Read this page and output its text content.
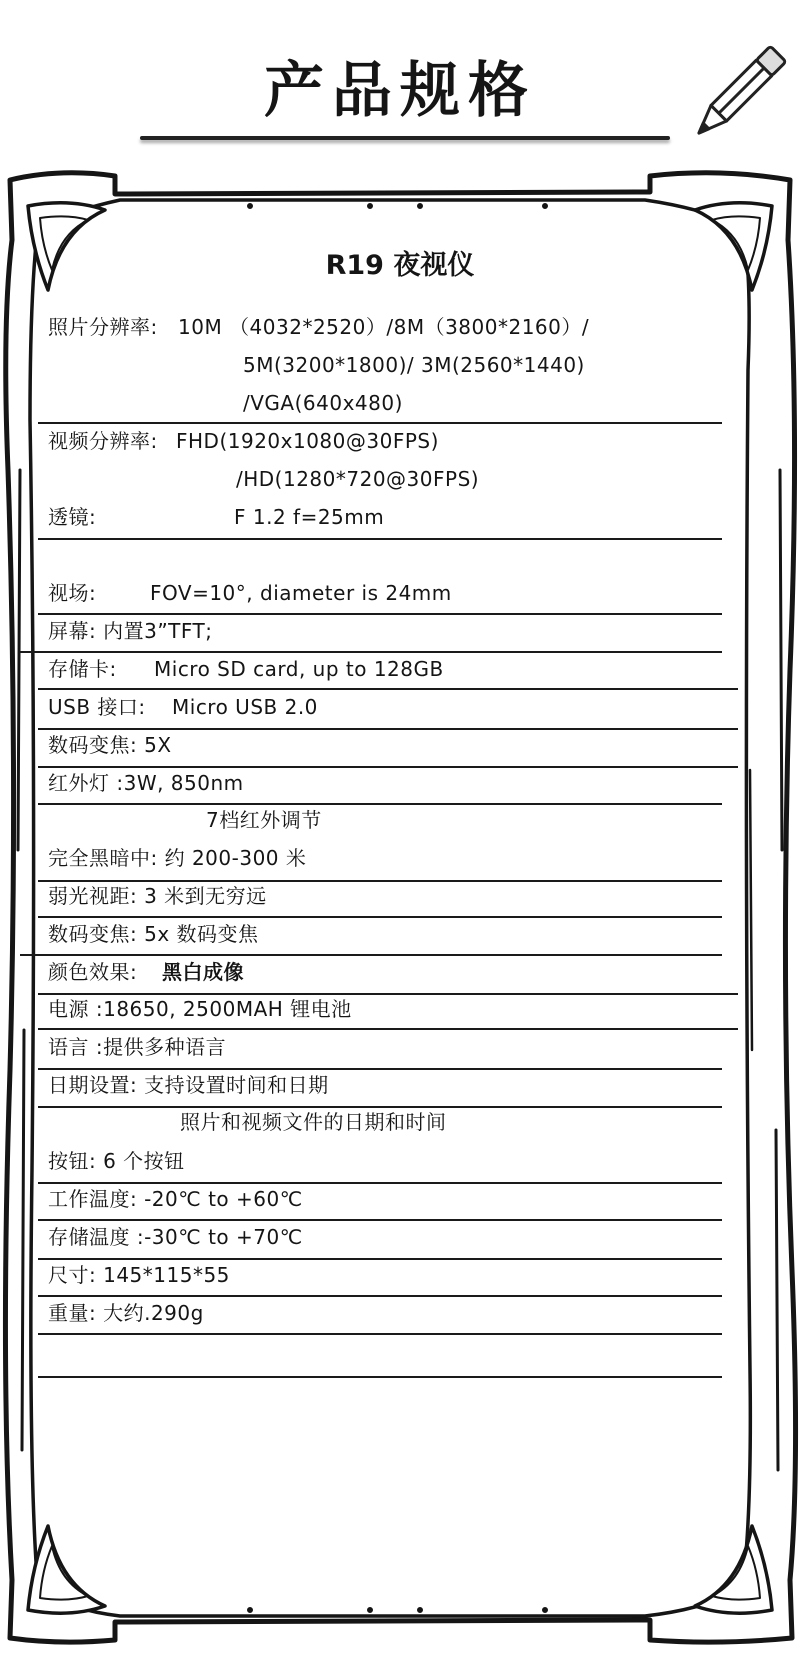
产品规格
R19 夜视仪
照片分辨率: 10M （4032*2520）/8M（3800*2160）/
5M(3200*1800)/ 3M(2560*1440)
/VGA(640x480)
视频分辨率: FHD(1920x1080@30FPS)
/HD(1280*720@30FPS)
透镜:	F 1.2 f=25mm
视场:	FOV=10°, diameter is 24mm
屏幕: 内置3”TFT;
存储卡: Micro SD card, up to 128GB
USB 接口: Micro USB 2.0
数码变焦: 5X
红外灯 :3W, 850nm
7档红外调节
完全黑暗中: 约 200-300 米
弱光视距: 3 米到无穷远
数码变焦: 5x 数码变焦
颜色效果: 黑白成像
电源 :18650, 2500MAH 锂电池
语言 :提供多种语言
日期设置: 支持设置时间和日期
照片和视频文件的日期和时间
按钮: 6 个按钮
工作温度: -20℃ to +60℃
存储温度 :-30℃ to +70℃
尺寸: 145*115*55
重量: 大约.290g
